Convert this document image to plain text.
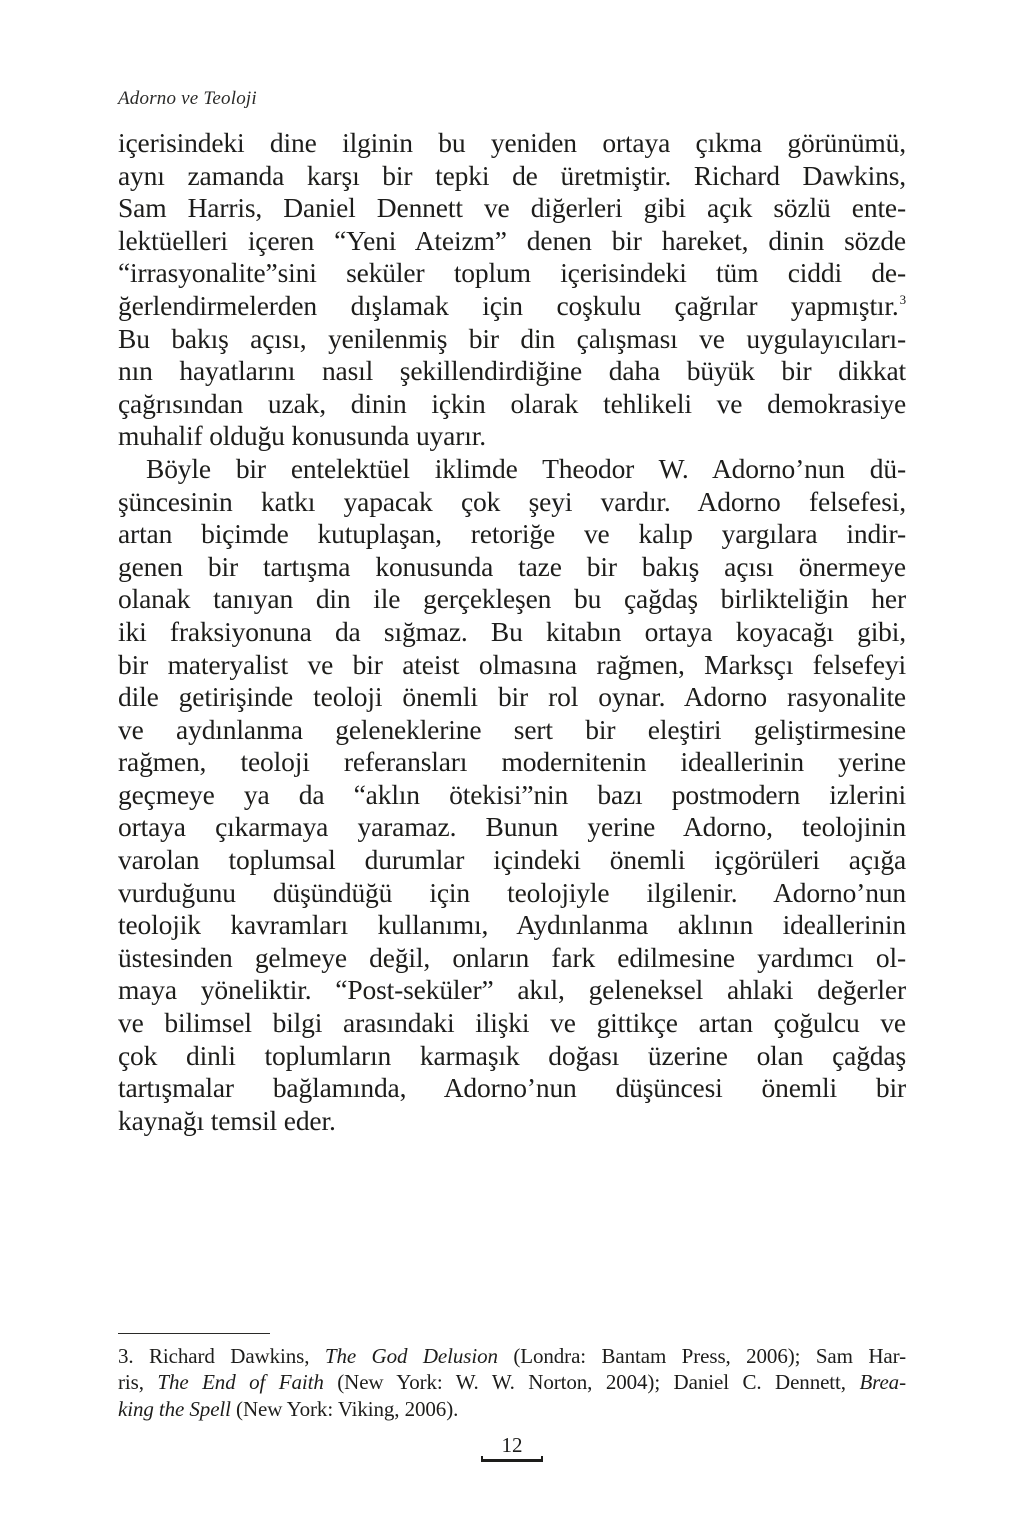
Adorno ve Teoloji
içerisindeki dine ilginin bu yeniden ortaya çıkma görünümü,
aynı zamanda karşı bir tepki de üretmiştir. Richard Dawkins,
Sam Harris, Daniel Dennett ve diğerleri gibi açık sözlü ente-
lektüelleri içeren “Yeni Ateizm” denen bir hareket, dinin sözde
“irrasyonalite”sini seküler toplum içerisindeki tüm ciddi de-
ğerlendirmelerden dışlamak için coşkulu çağrılar yapmıştır.$^3$
Bu bakış açısı, yenilenmiş bir din çalışması ve uygulayıcıları-
nın hayatlarını nasıl şekillendirdiğine daha büyük bir dikkat
çağrısından uzak, dinin içkin olarak tehlikeli ve demokrasiye
muhalif olduğu konusunda uyarır.
Böyle bir entelektüel iklimde Theodor W. Adorno’nun dü-
şüncesinin katkı yapacak çok şeyi vardır. Adorno felsefesi,
artan biçimde kutuplaşan, retoriğe ve kalıp yargılara indir-
genen bir tartışma konusunda taze bir bakış açısı önermeye
olanak tanıyan din ile gerçekleşen bu çağdaş birlikteliğin her
iki fraksiyonuna da sığmaz. Bu kitabın ortaya koyacağı gibi,
bir materyalist ve bir ateist olmasına rağmen, Marksçı felsefeyi
dile getirişinde teoloji önemli bir rol oynar. Adorno rasyonalite
ve aydınlanma geleneklerine sert bir eleştiri geliştirmesine
rağmen, teoloji referansları modernitenin ideallerinin yerine
geçmeye ya da “aklın ötekisi”nin bazı postmodern izlerini
ortaya çıkarmaya yaramaz. Bunun yerine Adorno, teolojinin
varolan toplumsal durumlar içindeki önemli içgörüleri açığa
vurduğunu düşündüğü için teolojiyle ilgilenir. Adorno’nun
teolojik kavramları kullanımı, Aydınlanma aklının ideallerinin
üstesinden gelmeye değil, onların fark edilmesine yardımcı ol-
maya yöneliktir. “Post-seküler” akıl, geleneksel ahlaki değerler
ve bilimsel bilgi arasındaki ilişki ve gittikçe artan çoğulcu ve
çok dinli toplumların karmaşık doğası üzerine olan çağdaş
tartışmalar bağlamında, Adorno’nun düşüncesi önemli bir
kaynağı temsil eder.
3. Richard Dawkins, The God Delusion (Londra: Bantam Press, 2006); Sam Har-
ris, The End of Faith (New York: W. W. Norton, 2004); Daniel C. Dennett, Brea-
king the Spell (New York: Viking, 2006).
12
